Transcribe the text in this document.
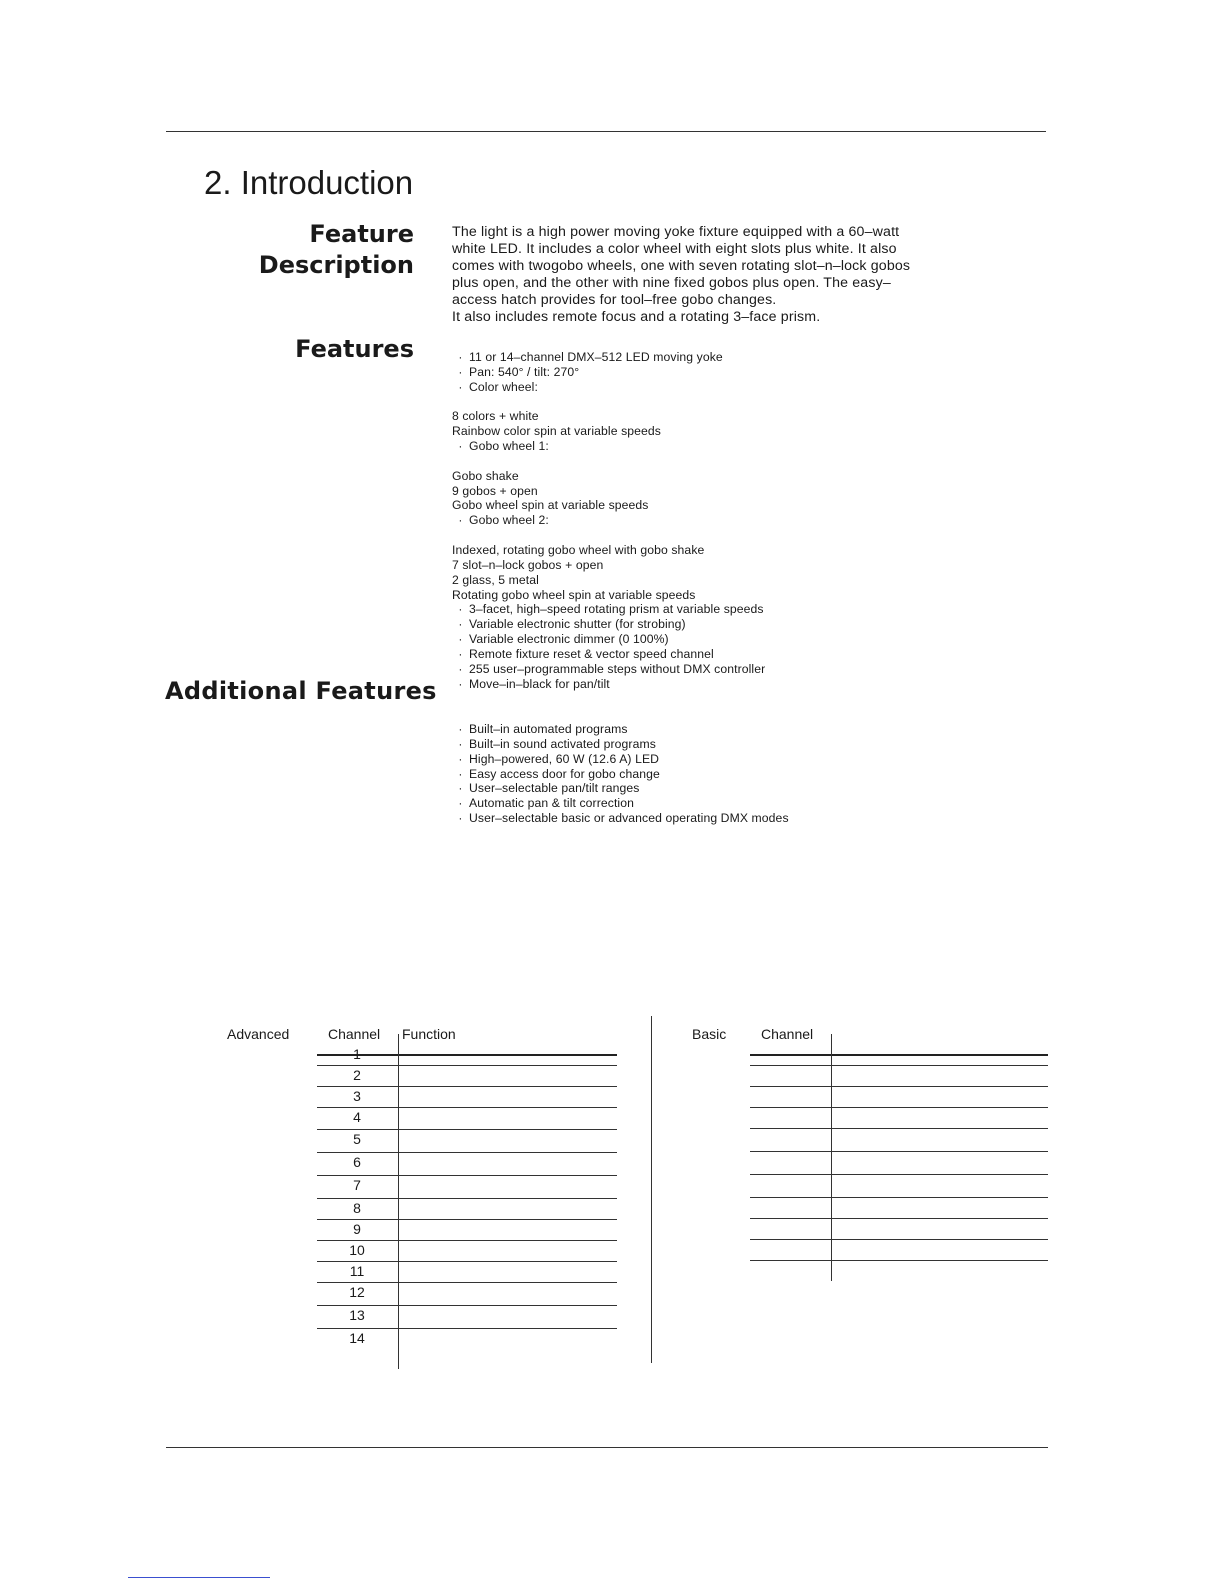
2. Introduction
Feature
Description
The light is a high power moving yoke fixture equipped with a 60–watt
white LED. It includes a color wheel with eight slots plus white. It also
comes with twogobo wheels, one with seven rotating slot–n–lock gobos
plus open, and the other with nine fixed gobos plus open. The easy–
access hatch provides for tool–free gobo changes.
It also includes remote focus and a rotating 3–face prism.
Features
·	11 or 14–channel DMX–512 LED moving yoke
· Pan: 540° / tilt: 270°
· Color wheel:
8 colors + white
Rainbow color spin at variable speeds
· Gobo wheel 1:
Gobo shake
9 gobos + open
Gobo wheel spin at variable speeds
· Gobo wheel 2:
Indexed, rotating gobo wheel with gobo shake
7 slot–n–lock gobos + open
2 glass, 5 metal
Rotating gobo wheel spin at variable speeds
· 3–facet, high–speed rotating prism at variable speeds
· Variable electronic shutter (for strobing)
· Variable electronic dimmer (0 100%)
· Remote fixture reset & vector speed channel
· 255 user–programmable steps without DMX controller
· Move–in–black for pan/tilt
Additional Features
· Built–in automated programs
· Built–in sound activated programs
· High–powered, 60 W (12.6 A) LED
· Easy access door for gobo change
· User–selectable pan/tilt ranges
· Automatic pan & tilt correction
· User–selectable basic or advanced operating DMX modes
Advanced	Channel Function
1
2
3
4
5
6
7
8
9
10
11
12
13
14
Basic Channel
